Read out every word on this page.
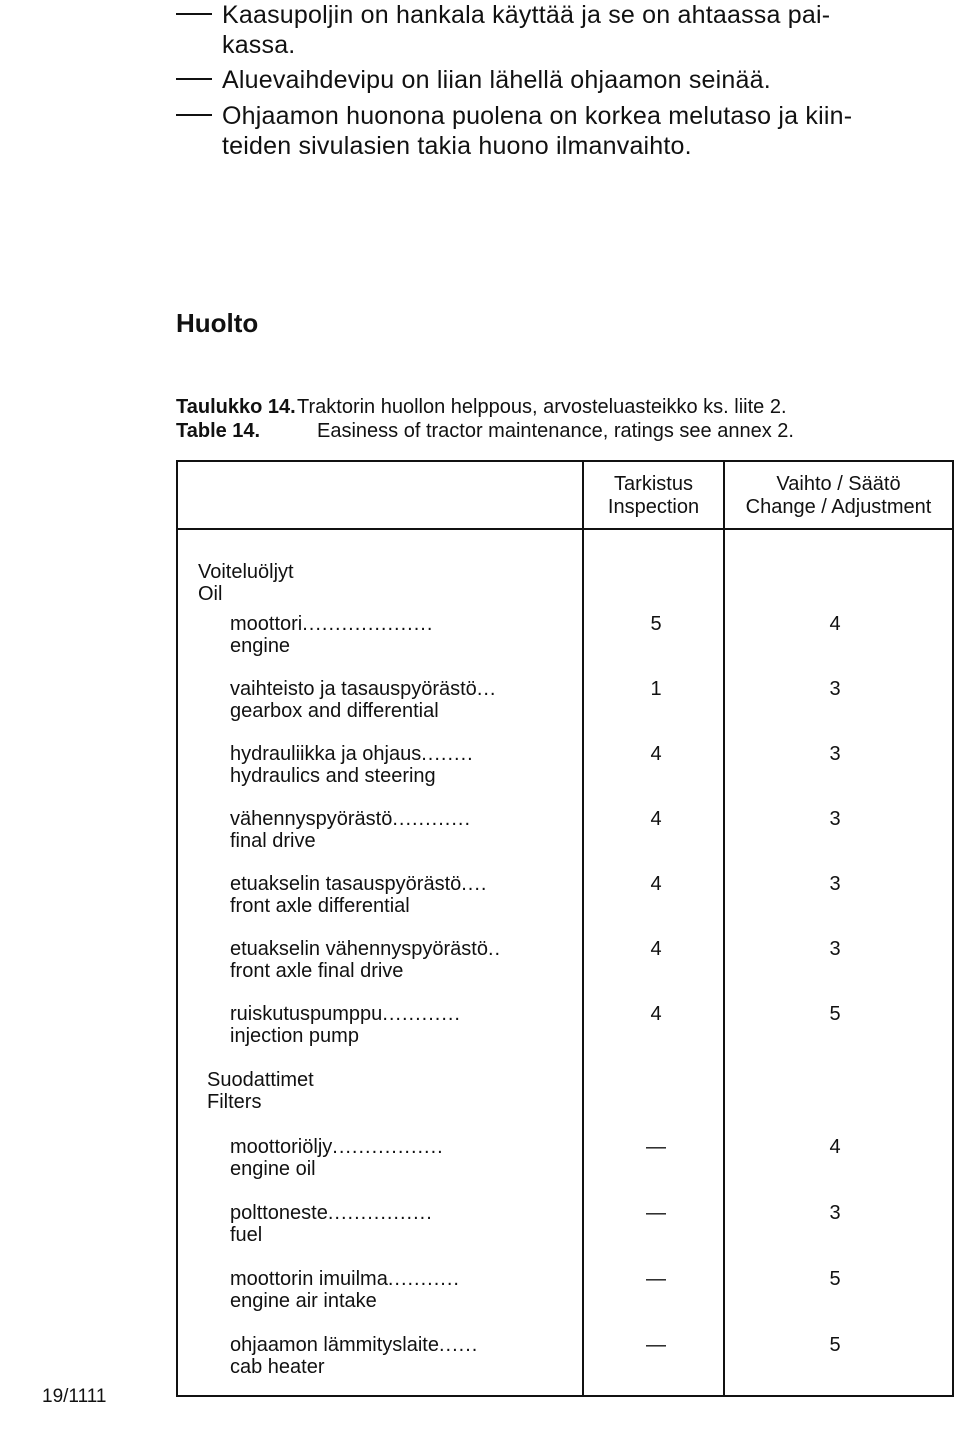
Kaasupoljin on hankala käyttää ja se on ahtaassa pai-
kassa.
Aluevaihdevipu on liian lähellä ohjaamon seinää.
Ohjaamon huonona puolena on korkea melutaso ja kiin-
teiden sivulasien takia huono ilmanvaihto.
Huolto
Taulukko 14. Traktorin huollon helppous, arvosteluasteikko ks. liite 2.
Table 14.	Easiness of tractor maintenance, ratings see annex 2.
Tarkistus
Inspection
Vaihto / Säätö
Change / Adjustment
Voiteluöljyt
Oil
moottori....................
engine
5	4
vaihteisto ja tasauspyörästö...
gearbox and differential
1	3
hydrauliikka ja ohjaus........
hydraulics and steering
4	3
vähennyspyörästö............
final drive
4	3
etuakselin tasauspyörästö....
front axle differential
4	3
etuakselin vähennyspyörästö..
front axle final drive
4	3
ruiskutuspumppu............
injection pump
4	5
Suodattimet
Filters
moottoriöljy.................
engine oil
—	4
polttoneste................
fuel
—	3
moottorin imuilma...........
engine air intake
—	5
ohjaamon lämmityslaite......
cab heater
—	5
19/1111
